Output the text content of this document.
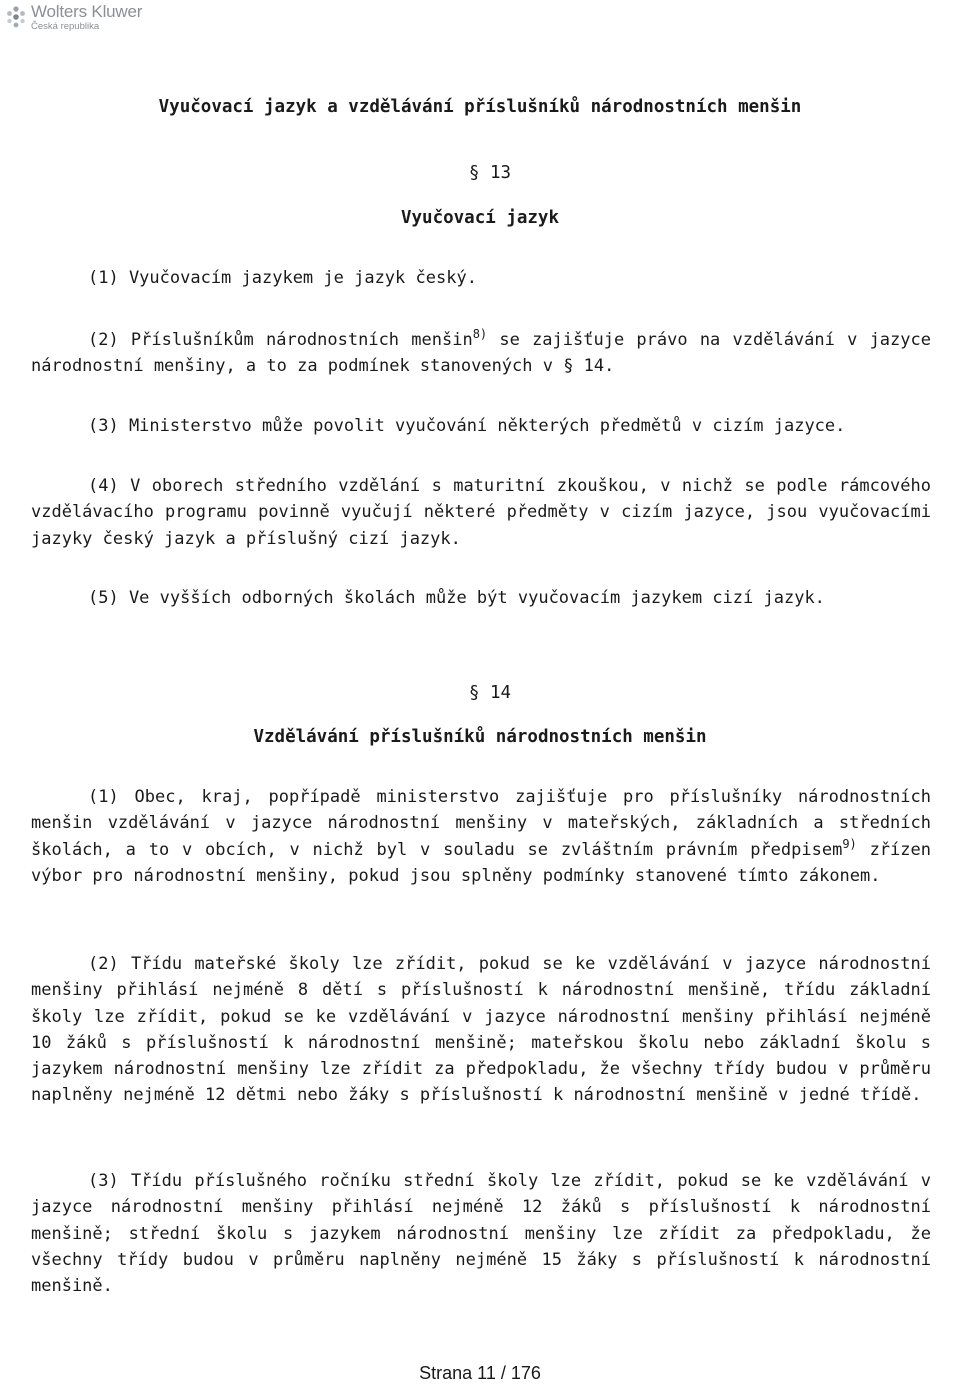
Wolters Kluwer
Česká republika
Vyučovací jazyk a vzdělávání příslušníků národnostních menšin
§ 13
Vyučovací jazyk
(1) Vyučovacím jazykem je jazyk český.
(2) Příslušníkům národnostních menšin$^{8)}$ se zajišťuje právo na vzdělávání v jazyce národnostní menšiny, a to za podmínek stanovených v § 14.
(3) Ministerstvo může povolit vyučování některých předmětů v cizím jazyce.
(4) V oborech středního vzdělání s maturitní zkouškou, v nichž se podle rámcového vzdělávacího programu povinně vyučují některé předměty v cizím jazyce, jsou vyučovacími jazyky český jazyk a příslušný cizí jazyk.
(5) Ve vyšších odborných školách může být vyučovacím jazykem cizí jazyk.
§ 14
Vzdělávání příslušníků národnostních menšin
(1) Obec, kraj, popřípadě ministerstvo zajišťuje pro příslušníky národnostních menšin vzdělávání v jazyce národnostní menšiny v mateřských, základních a středních školách, a to v obcích, v nichž byl v souladu se zvláštním právním předpisem$^{9)}$ zřízen výbor pro národnostní menšiny, pokud jsou splněny podmínky stanovené tímto zákonem.
(2) Třídu mateřské školy lze zřídit, pokud se ke vzdělávání v jazyce národnostní menšiny přihlásí nejméně 8 dětí s příslušností k národnostní menšině, třídu základní školy lze zřídit, pokud se ke vzdělávání v jazyce národnostní menšiny přihlásí nejméně 10 žáků s příslušností k národnostní menšině; mateřskou školu nebo základní školu s jazykem národnostní menšiny lze zřídit za předpokladu, že všechny třídy budou v průměru naplněny nejméně 12 dětmi nebo žáky s příslušností k národnostní menšině v jedné třídě.
(3) Třídu příslušného ročníku střední školy lze zřídit, pokud se ke vzdělávání v jazyce národnostní menšiny přihlásí nejméně 12 žáků s příslušností k národnostní menšině; střední školu s jazykem národnostní menšiny lze zřídit za předpokladu, že všechny třídy budou v průměru naplněny nejméně 15 žáky s příslušností k národnostní menšině.
Strana 11 / 176
